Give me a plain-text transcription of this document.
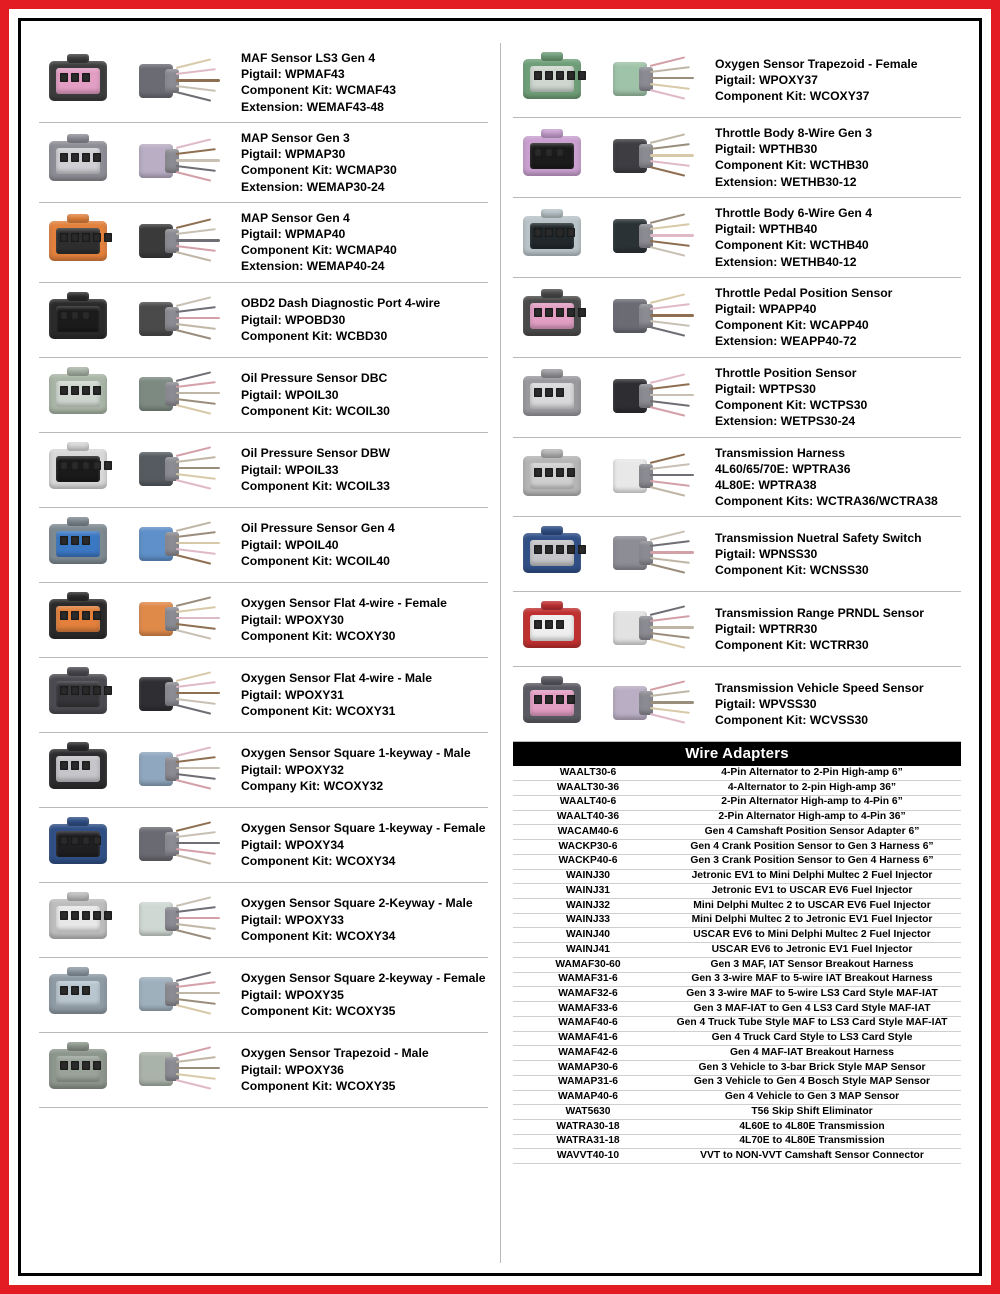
MAF Sensor LS3 Gen 4
Pigtail: WPMAF43
Component Kit: WCMAF43
Extension: WEMAF43-48
MAP Sensor Gen 3
Pigtail: WPMAP30
Component Kit: WCMAP30
Extension: WEMAP30-24
MAP Sensor Gen 4
Pigtail: WPMAP40
Component Kit: WCMAP40
Extension: WEMAP40-24
OBD2 Dash Diagnostic Port 4-wire
Pigtail: WPOBD30
Component Kit: WCBD30
Oil Pressure Sensor DBC
Pigtail: WPOIL30
Component Kit: WCOIL30
Oil Pressure Sensor DBW
Pigtail: WPOIL33
Component Kit: WCOIL33
Oil Pressure Sensor Gen 4
Pigtail: WPOIL40
Component Kit: WCOIL40
Oxygen Sensor Flat 4-wire - Female
Pigtail: WPOXY30
Component Kit: WCOXY30
Oxygen Sensor Flat 4-wire - Male
Pigtail: WPOXY31
Component Kit: WCOXY31
Oxygen Sensor Square 1-keyway - Male
Pigtail: WPOXY32
Company Kit: WCOXY32
Oxygen Sensor Square 1-keyway - Female
Pigtail: WPOXY34
Component Kit: WCOXY34
Oxygen Sensor Square 2-Keyway - Male
Pigtail: WPOXY33
Component Kit: WCOXY34
Oxygen Sensor Square 2-keyway - Female
Pigtail: WPOXY35
Component Kit: WCOXY35
Oxygen Sensor Trapezoid - Male
Pigtail: WPOXY36
Component Kit: WCOXY35
Oxygen Sensor Trapezoid - Female
Pigtail: WPOXY37
Component Kit: WCOXY37
Throttle Body 8-Wire Gen 3
Pigtail: WPTHB30
Component Kit: WCTHB30
Extension: WETHB30-12
Throttle Body 6-Wire Gen 4
Pigtail: WPTHB40
Component Kit: WCTHB40
Extension: WETHB40-12
Throttle Pedal Position Sensor
Pigtail: WPAPP40
Component Kit: WCAPP40
Extension: WEAPP40-72
Throttle Position Sensor
Pigtail: WPTPS30
Component Kit: WCTPS30
Extension: WETPS30-24
Transmission Harness
4L60/65/70E: WPTRA36
4L80E: WPTRA38
Component Kits: WCTRA36/WCTRA38
Transmission Nuetral Safety Switch
Pigtail: WPNSS30
Component Kit: WCNSS30
Transmission Range PRNDL Sensor
Pigtail: WPTRR30
Component Kit: WCTRR30
Transmission Vehicle Speed Sensor
Pigtail: WPVSS30
Component Kit: WCVSS30
Wire Adapters
WAALT30-6	4-Pin Alternator to 2-Pin High-amp 6”
WAALT30-36	4-Alternator to 2-pin High-amp 36”
WAALT40-6	2-Pin Alternator High-amp to 4-Pin 6”
WAALT40-36	2-Pin Alternator High-amp to 4-Pin 36”
WACAM40-6	Gen 4 Camshaft Position Sensor Adapter 6”
WACKP30-6	Gen 4 Crank Position Sensor to Gen 3 Harness 6”
WACKP40-6	Gen 3 Crank Position Sensor to Gen 4 Harness 6”
WAINJ30	Jetronic EV1 to Mini Delphi Multec 2 Fuel Injector
WAINJ31	Jetronic EV1 to USCAR EV6 Fuel Injector
WAINJ32	Mini Delphi Multec 2 to USCAR EV6 Fuel Injector
WAINJ33	Mini Delphi Multec 2 to Jetronic EV1 Fuel Injector
WAINJ40	USCAR EV6 to Mini Delphi Multec 2 Fuel Injector
WAINJ41	USCAR EV6 to Jetronic EV1 Fuel Injector
WAMAF30-60	Gen 3 MAF, IAT Sensor Breakout Harness
WAMAF31-6	Gen 3 3-wire MAF to 5-wire IAT Breakout Harness
WAMAF32-6	Gen 3 3-wire MAF to 5-wire LS3 Card Style MAF-IAT
WAMAF33-6	Gen 3 MAF-IAT to Gen 4 LS3 Card Style MAF-IAT
WAMAF40-6	Gen 4 Truck Tube Style MAF to LS3 Card Style MAF-IAT
WAMAF41-6	Gen 4 Truck Card Style to LS3 Card Style
WAMAF42-6	Gen 4 MAF-IAT Breakout Harness
WAMAP30-6	Gen 3 Vehicle to 3-bar Brick Style MAP Sensor
WAMAP31-6	Gen 3 Vehicle to Gen 4 Bosch Style MAP Sensor
WAMAP40-6	Gen 4 Vehicle to Gen 3 MAP Sensor
WAT5630	T56 Skip Shift Eliminator
WATRA30-18	4L60E to 4L80E Transmission
WATRA31-18	4L70E to 4L80E Transmission
WAVVT40-10	VVT to NON-VVT Camshaft Sensor Connector
